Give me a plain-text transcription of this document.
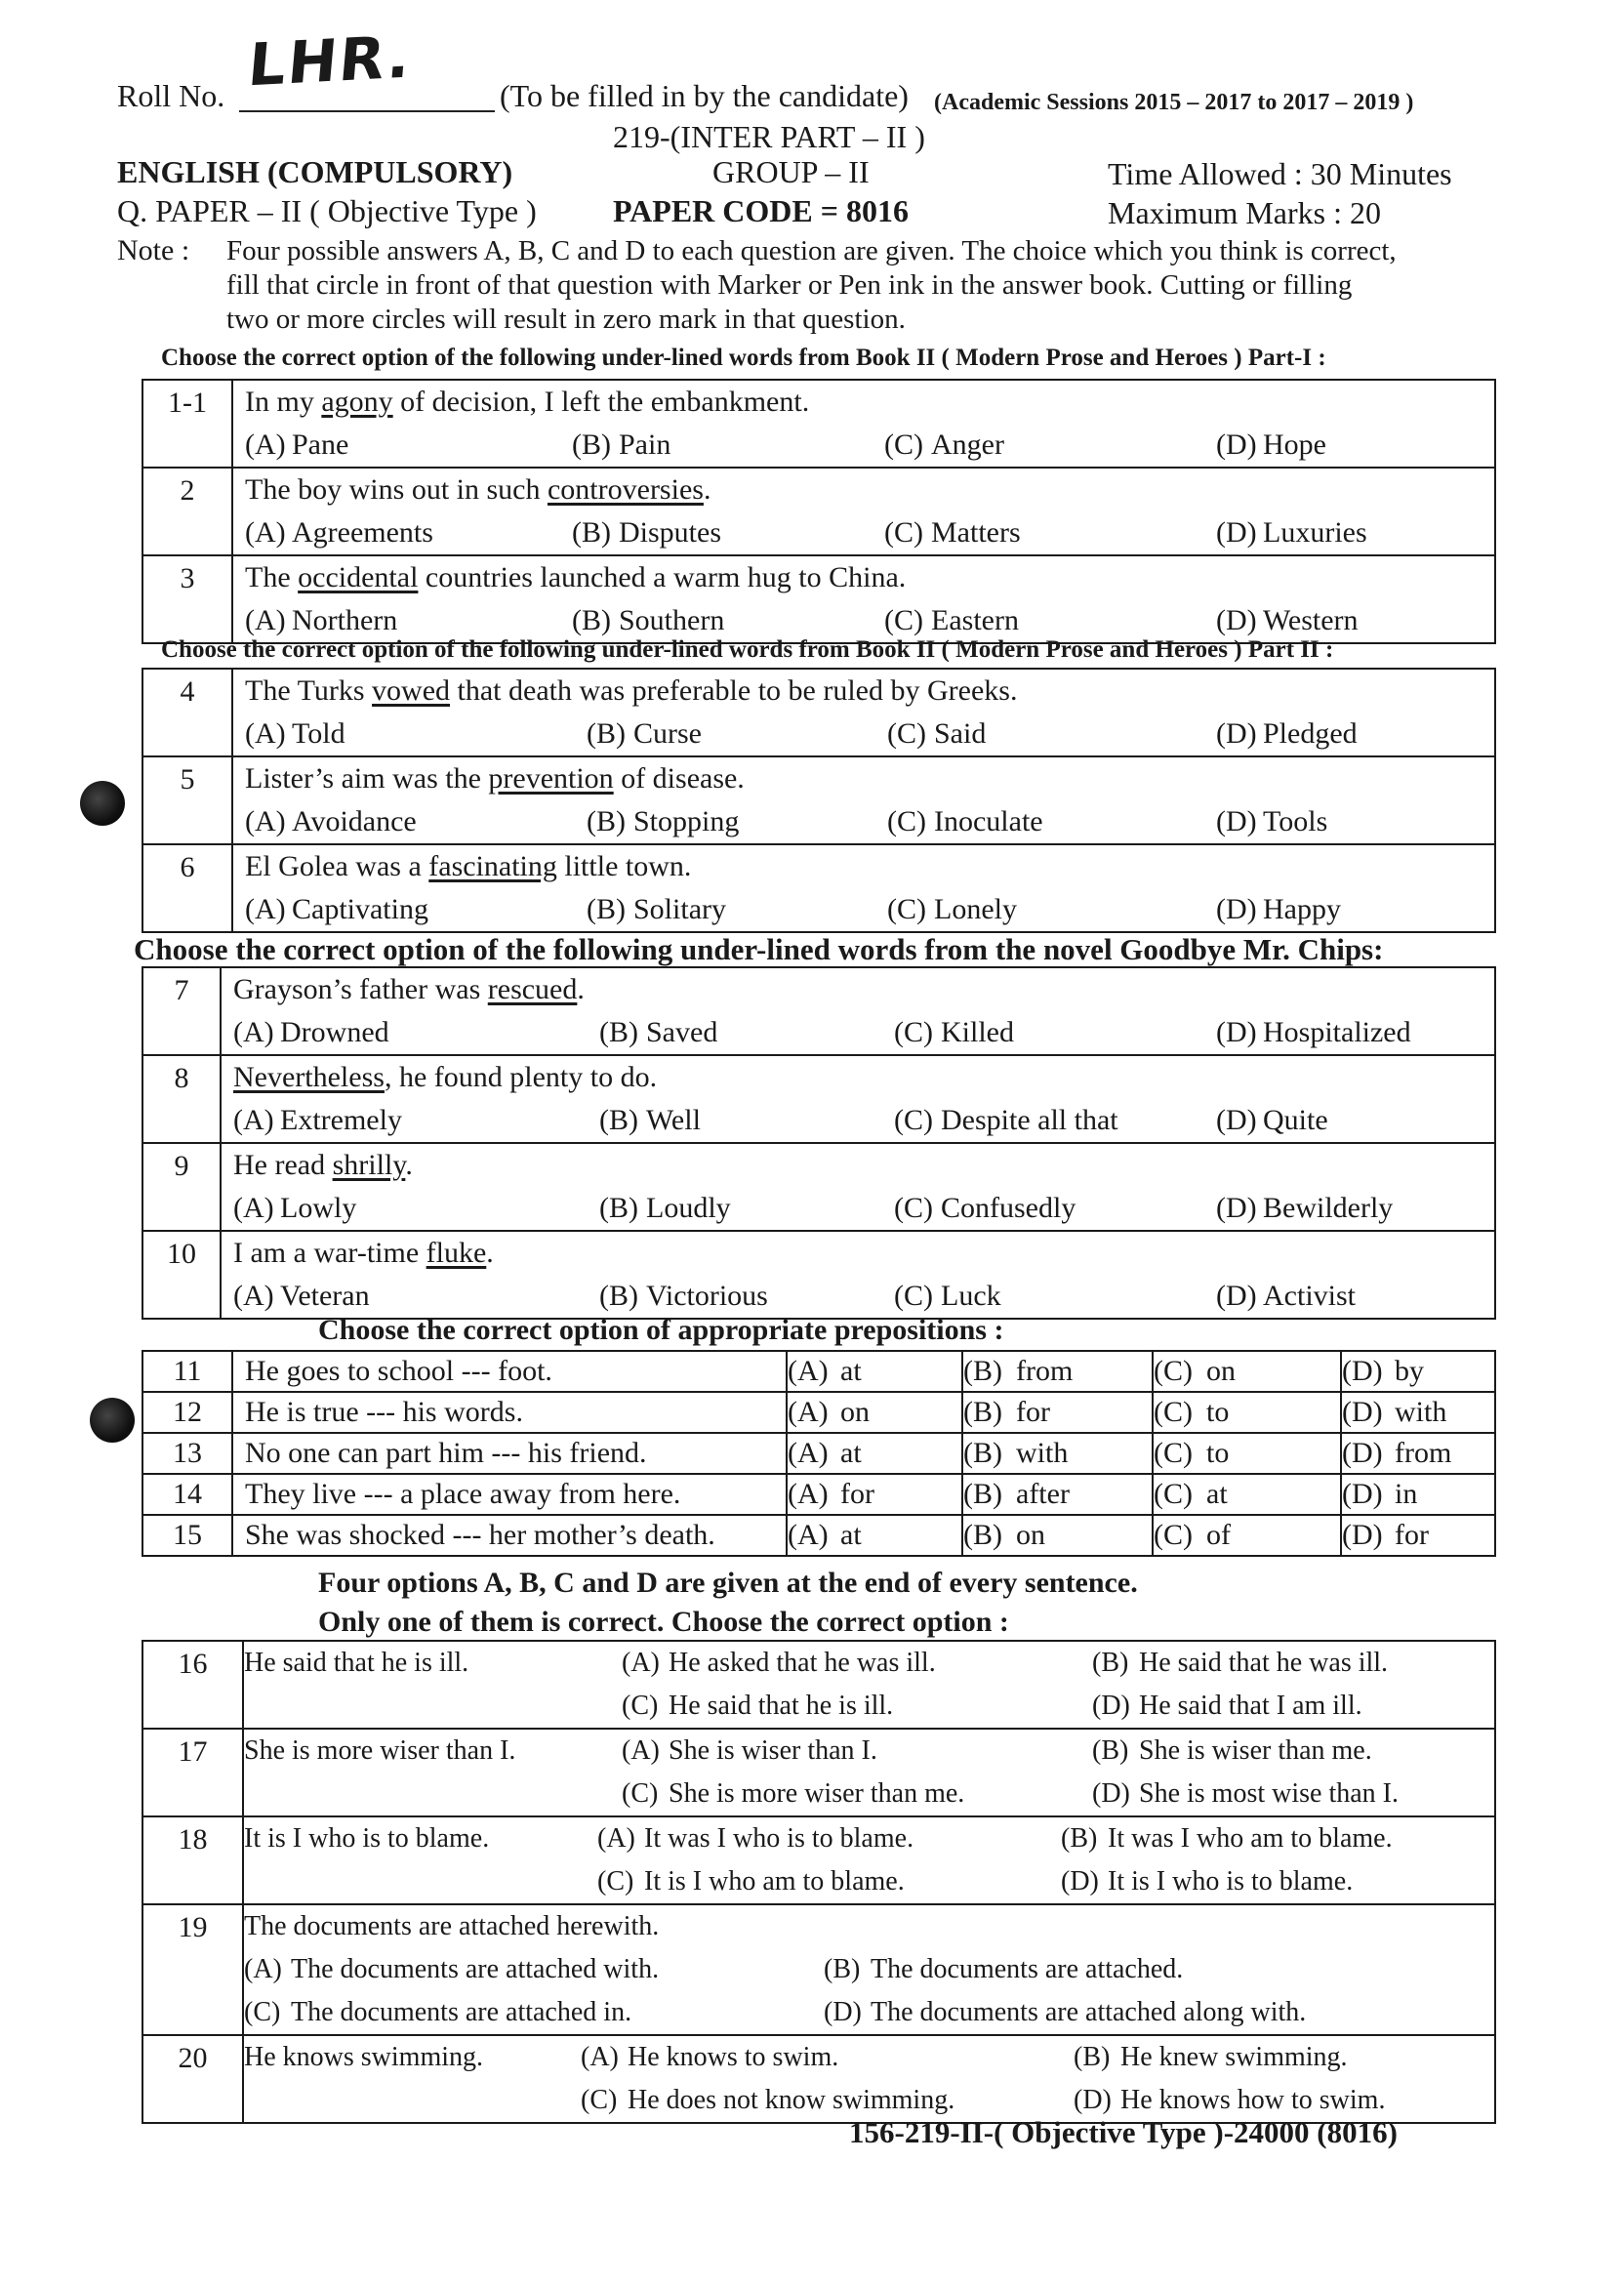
LHR.
Roll No.	(To be filled in by the candidate) (Academic Sessions 2015 – 2017 to 2017 – 2019 )
219-(INTER PART – II )
ENGLISH (COMPULSORY)	GROUP – II	Time Allowed : 30 Minutes
Q. PAPER – II ( Objective Type ) PAPER CODE = 8016	Maximum Marks : 20
Note : Four possible answers A, B, C and D to each question are given. The choice which you think is correct,
fill that circle in front of that question with Marker or Pen ink in the answer book. Cutting or filling
two or more circles will result in zero mark in that question.
Choose the correct option of the following under-lined words from Book II ( Modern Prose and Heroes ) Part-I :
1-1	In my agony of decision, I left the embankment.
(A) Pane (B) Pain (C) Anger (D) Hope

2	The boy wins out in such controversies.
(A) Agreements (B) Disputes (C) Matters (D) Luxuries

3	The occidental countries launched a warm hug to China.
(A) Northern (B) Southern (C) Eastern (D) Western
Choose the correct option of the following under-lined words from Book II ( Modern Prose and Heroes ) Part II :
4	The Turks vowed that death was preferable to be ruled by Greeks.
(A) Told (B) Curse (C) Said (D) Pledged

5	Lister’s aim was the prevention of disease.
(A) Avoidance (B) Stopping (C) Inoculate (D) Tools

6	El Golea was a fascinating little town.
(A) Captivating (B) Solitary (C) Lonely (D) Happy
Choose the correct option of the following under-lined words from the novel Goodbye Mr. Chips:
7	Grayson’s father was rescued.
(A) Drowned (B) Saved (C) Killed (D) Hospitalized

8	Nevertheless, he found plenty to do.
(A) Extremely (B) Well (C) Despite all that (D) Quite

9	He read shrilly.
(A) Lowly (B) Loudly (C) Confusedly (D) Bewilderly

10	I am a war-time fluke.
(A) Veteran (B) Victorious (C) Luck (D) Activist
Choose the correct option of appropriate prepositions :
11	He goes to school --- foot.	(A) at	(B) from	(C) on	(D) by
12	He is true --- his words.	(A) on	(B) for	(C) to	(D) with
13	No one can part him --- his friend.	(A) at	(B) with	(C) to	(D) from
14	They live --- a place away from here.	(A) for	(B) after	(C) at	(D) in
15	She was shocked --- her mother’s death.	(A) at	(B) on	(C) of	(D) for
Four options A, B, C and D are given at the end of every sentence.
Only one of them is correct. Choose the correct option :
16	He said that he is ill. (A) He asked that he was ill. (B) He said that he was ill.
(C) He said that he is ill. (D) He said that I am ill.

17	She is more wiser than I. (A) She is wiser than I. (B) She is wiser than me.
(C) She is more wiser than me. (D) She is most wise than I.

18	It is I who is to blame. (A) It was I who is to blame. (B) It was I who am to blame.
(C) It is I who am to blame. (D) It is I who is to blame.

19	The documents are attached herewith.
(A) The documents are attached with. (B) The documents are attached.
(C) The documents are attached in. (D) The documents are attached along with.

20	He knows swimming. (A) He knows to swim. (B) He knew swimming.
(C) He does not know swimming. (D) He knows how to swim.
156-219-II-( Objective Type )-24000 (8016)
